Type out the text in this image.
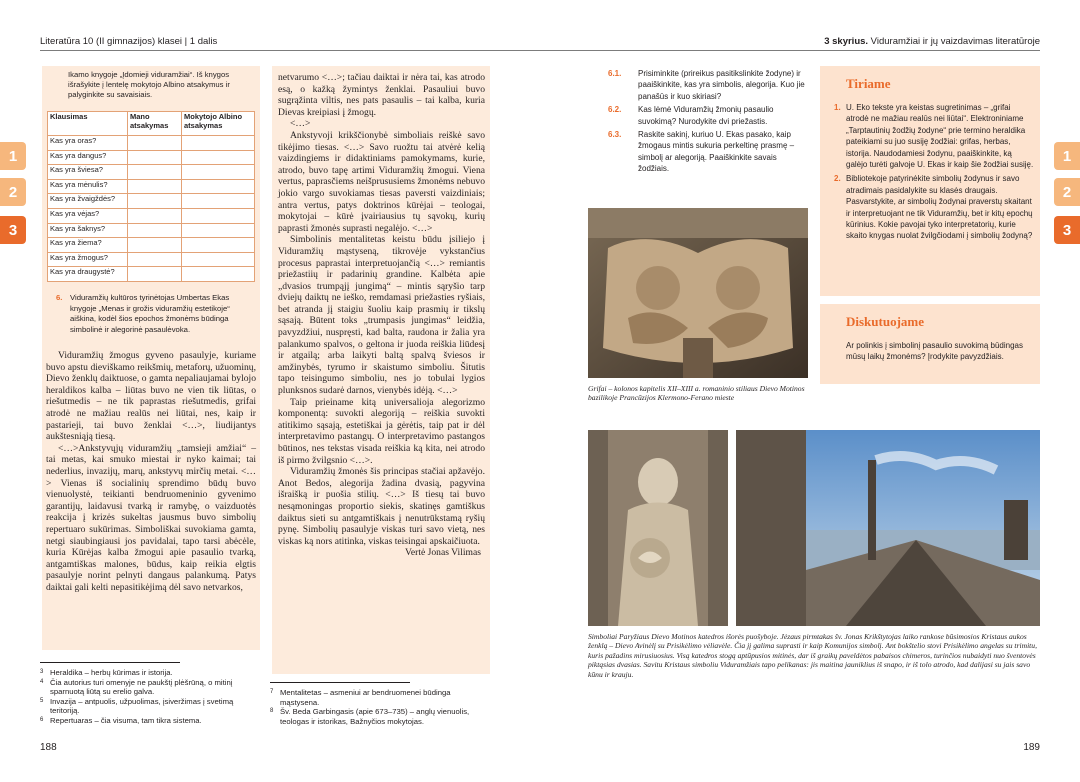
Literatūra 10 (II gimnazijos) klasei | 1 dalis	3 skyrius. Viduramžiai ir jų vaizdavimas literatūroje
1
2
3
1
2
3
Ikamo knygoje „Įdomieji viduramžiai“. Iš knygos išrašykite į lentelę mokytojo Albino atsakymus ir palyginkite su savaisiais.
Klausimas	Mano atsakymas	Mokytojo Albino atsakymas
Kas yra oras?		
Kas yra dangus?		
Kas yra šviesa?		
Kas yra mėnulis?		
Kas yra žvaigždės?		
Kas yra vėjas?		
Kas yra šaknys?		
Kas yra žiema?		
Kas yra žmogus?		
Kas yra draugystė?		
6. Viduramžių kultūros tyrinėtojas Umbertas Ekas knygoje „Menas ir grožis viduramžių estetikoje“ aiškina, kodėl šios epochos žmonėms būdinga simbolinė ir alegorinė pasaulėvoka.

Viduramžių žmogus gyveno pasaulyje, kuriame buvo apstu dieviškamo reikšmių, metaforų, užuominų, Dievo ženklų daiktuose, o gamta nepaliaujamai bylojo heraldikos kalba – liūtas buvo ne vien tik liūtas, o riešutmedis – ne tik paprastas riešutmedis, grifai atrodė ne mažiau realūs nei liūtai, nes, kaip ir pastarieji, tai buvo ženklai <…>, liudijantys aukštesniąją tiesą.

<…>Ankstyvųjų viduramžių „tamsieji amžiai“ – tai metas, kai smuko miestai ir nyko kaimai; tai nederlius, invazijų, marų, ankstyvų mirčių metai. <…> Vienas iš socialinių sprendimo būdų buvo vienuolystė, teikianti bendruomeninio gyvenimo garantijų, laidavusi tvarką ir ramybę, o vaizduotės reakcija į krizės sukeltas jausmus buvo simbolių repertuaro sukūrimas. Simboliškai suvokiama gamta, netgi siaubingiausi jos pavidalai, tapo tarsi abėcėle, kuria Kūrėjas kalba žmogui apie pasaulio tvarką, antgamtiškas malones, būdus, kaip reikia elgtis pasaulyje norint pelnyti dangaus palankumą. Patys daiktai gali kelti nepasitikėjimą dėl savo netvarkos,

netvarumo <…>; tačiau daiktai ir nėra tai, kas atrodo esą, o kažką žymintys ženklai. Pasauliui buvo sugrąžinta viltis, nes pats pasaulis – tai kalba, kuria Dievas kreipiasi į žmogų.

<…>

Ankstyvoji krikščionybė simboliais reiškė savo tikėjimo tiesas. <…> Savo ruožtu tai atvėrė kelią vaizdingiems ir didaktiniams pamokymams, kurie, atrodo, buvo tapę artimi Viduramžių žmogui. Viena vertus, paprasčiems neišprususiems žmonėms nebuvo jokio vargo suvokiamas tiesas paversti vaizdiniais; antra vertus, patys doktrinos kūrėjai – teologai, mokytojai – kūrė įvairiausius tų sąvokų, kurių paprasti žmonės suprasti negalėjo. <…>

Simbolinis mentalitetas keistu būdu įsiliejo į Viduramžių mąstyseną, tikrovėje vykstančius procesus paprastai interpretuojančią <…> remiantis priežastiių ir padarinių grandine. Kalbėta apie „dvasios trumpąjį jungimą“ – mintis sąryšio tarp dviejų daiktų ne ieško, remdamasi priežasties ryšiais, bet atranda jį staigiu šuoliu kaip prasmių ir tikslų sąsają. Būtent toks „trumpasis jungimas“ leidžia, pavyzdžiui, nuspręsti, kad balta, raudona ir žalia yra palankumo spalvos, o geltona ir juoda reiškia liūdesį ir atgailą; arba laikyti baltą spalvą šviesos ir amžinybės, tyrumo ir skaistumo simboliu. Šitutis tapo teisingumo simboliu, nes jo tobulai lygios plunksnos sudarė darnos, vienybės idėją. <…>

Taip prieiname kitą universalioja alegorizmo komponentą: suvokti alegoriją – reiškia suvokti atitikimo sąsają, estetiškai ja gėrėtis, taip pat ir dėl interpretavimo pastangų. O interpretavimo pastangos būtinos, nes tekstas visada reiškia ką kita, nei atrodo iš pirmo žvilgsnio <…>.

Viduramžių žmonės šis principas stačiai apžavėjo. Anot Bedos, alegorija žadina dvasią, pagyvina išraišką ir puošia stilių. <…> Iš tiesų tai buvo nesąmoningas proportio siekis, skatinęs gamtiškus daiktus sieti su antgamtiškais į nenutrūkstamą ryšių pynę. Simbolių pasaulyje viskas turi savo vietą, nes viskas ką nors atitinka, viskas teisingai apskaičiuota.

Vertė Jonas Vilimas
3 Heraldika – herbų kūrimas ir istorija.
4 Čia autorius turi omenyje ne paukštį plėšrūną, o mitinį sparnuotą liūtą su erelio galva.
5 Invazija – antpuolis, užpuolimas, įsiveržimas į svetimą teritoriją.
6 Repertuaras – čia visuma, tam tikra sistema.
7 Mentalitetas – asmeniui ar bendruomenei būdinga mąstysena.
8 Šv. Beda Garbingasis (apie 673–735) – anglų vienuolis, teologas ir istorikas, Bažnyčios mokytojas.
188
6.1. Prisiminkite (prireikus pasitikslinkite žodyne) ir paaiškinkite, kas yra simbolis, alegorija. Kuo jie panašūs ir kuo skiriasi?
6.2. Kas lėmė Viduramžių žmonių pasaulio suvokimą? Nurodykite dvi priežastis.
6.3. Raskite sakinį, kuriuo U. Ekas pasako, kaip žmogaus mintis sukuria perkeltinę prasmę – simbolį ar alegoriją. Paaiškinkite savais žodžiais.
Grifai – kolonos kapitelis XII–XIII a. romaninio stiliaus Dievo Motinos bazilikoje Prancūzijos Klermono-Ferano mieste
Simboliai Paryžiaus Dievo Motinos katedros išorės puošyboje. Jėzaus pirmtakas šv. Jonas Krikštytojas laiko rankose būsimosios Kristaus aukos ženklą – Dievo Avinėlį su Prisikėlimo vėliavėle. Čia jį galima suprasti ir kaip Komunijos simbolį. Ant bokštelio stovi Prisikėlimo angelas su trimitu, kuris pažadins mirusiuosius. Visą katedros stogą aptūpusios mitinės, dar iš graikų paveldėtos pabaisos chimeros, turinčios nubaidyti nuo šventovės piktąsias dvasias. Savitu Kristaus simboliu Viduramžiais tapo pelikanas: jis maitina jauniklius iš snapo, ir iš tolo atrodo, kad dalijasi su jais savo kūnu ir krauju.
Tiriame
1. U. Eko tekste yra keistas sugretinimas – „grifai atrodė ne mažiau realūs nei liūtai“. Elektroniniame „Tarptautinių žodžių žodyne“ prie termino heraldika pateikiami su juo susiję žodžiai: grifas, herbas, istorija. Naudodamiesi žodynu, paaiškinkite, ką galėjo turėti galvoje U. Ekas ir kaip šie žodžiai susiję.
2. Bibliotekoje patyrinėkite simbolių žodynus ir savo atradimais pasidalykite su klasės draugais. Pasvarstykite, ar simbolių žodynai praverstų skaitant ir interpretuojant ne tik Viduramžių, bet ir kitų epochų kūrinius. Kokie pavojai tyko interpretatorių, kurie skaito knygas nuolat žvilgčiodami į simbolių žodyną?
Diskutuojame
Ar polinkis į simbolinį pasaulio suvokimą būdingas mūsų laikų žmonėms? Įrodykite pavyzdžiais.
189
